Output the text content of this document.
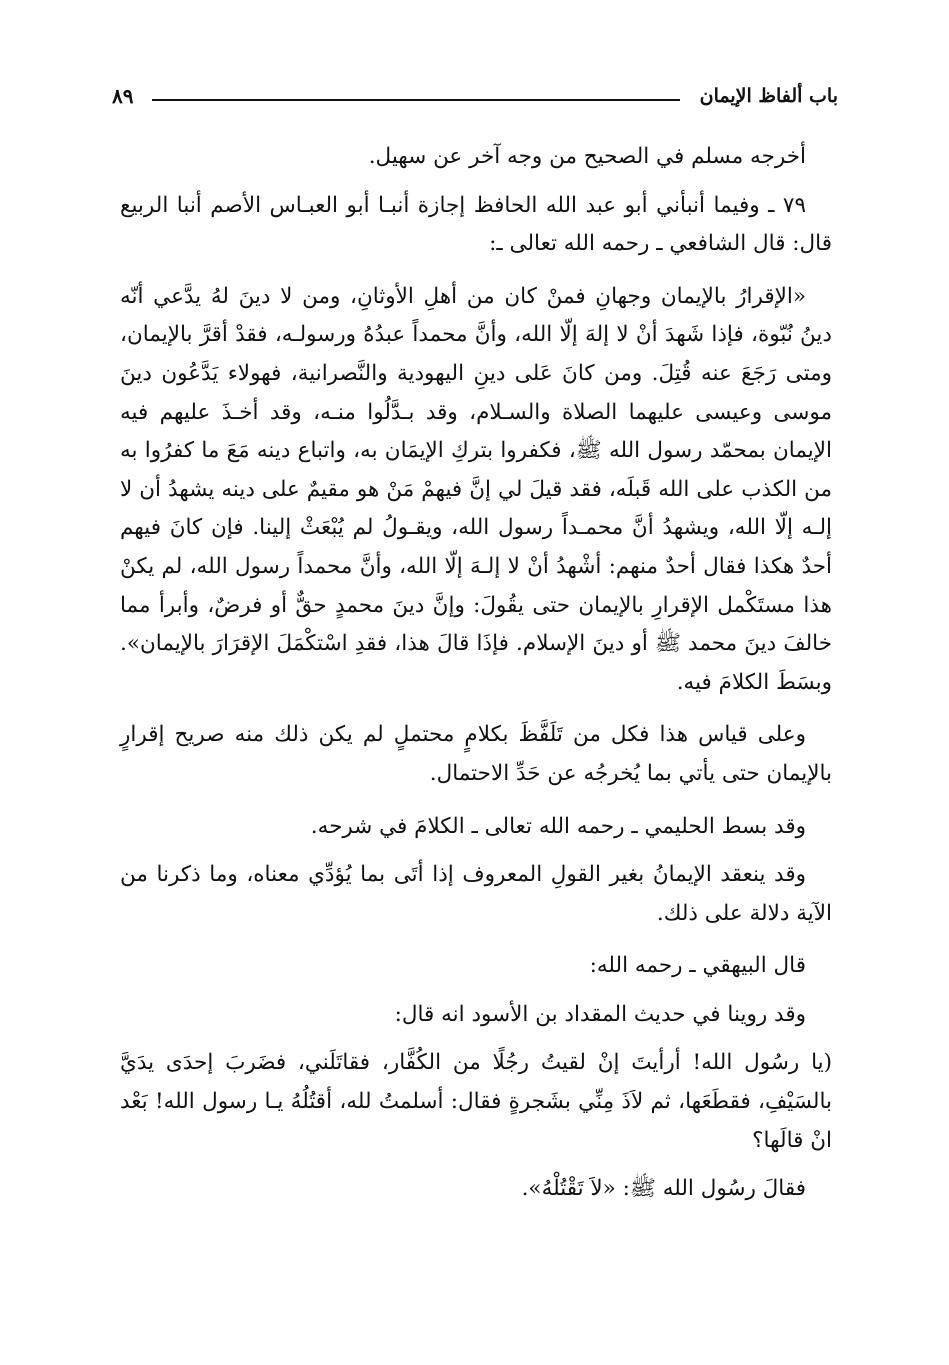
باب ألفاظ الإيمان
٨٩

أخرجه مسلم في الصحيح من وجه آخر عن سهيل.

٧٩ ـ وفيما أنبأني أبو عبد الله الحافظ إجازة أنبـا أبو العبـاس الأصم أنبا الربيع قال: قال الشافعي ـ رحمه الله تعالى ـ:

«الإقرارُ بالإيمان وجهانِ فمنْ كان من أهلِ الأوثانِ، ومن لا دينَ لهُ يدَّعي أنّه دينُ نُبّوة، فإذا شَهدَ أنْ لا إلهَ إلّا الله، وأنَّ محمداً عبدُهُ ورسولـه، فقدْ أقرَّ بالإيمان، ومتى رَجَعَ عنه قُتِلَ. ومن كانَ عَلى دينِ اليهودية والنَّصرانية، فهولاء يَدَّعُون دينَ موسى وعيسى عليهما الصلاة والسـلام، وقد بـدَّلُوا منـه، وقد أخـذَ عليهم فيه الإيمان بمحمّد رسول الله ﷺ، فكفروا بتركِ الإيمَان به، واتباع دينه مَعَ ما كفرُوا به من الكذب على الله قَبلَه، فقد قيلَ لي إنَّ فيهمْ مَنْ هو مقيمٌ على دينه يشهدُ أن لا إلـه إلّا الله، ويشهدُ أنَّ محمـداً رسول الله، ويقـولُ لم يُبْعَثْ إلينا. فإن كانَ فيهم أحدٌ هكذا فقال أحدٌ منهم: أشْهدُ أنْ لا إلـهَ إلّا الله، وأنَّ محمداً رسول الله، لم يكنْ هذا مستَكْمل الإقرارِ بالإيمان حتى يقُولَ: وإنَّ دينَ محمدٍ حقٌّ أو فرضٌ، وأبرأ مما خالفَ دينَ محمد ﷺ أو دينَ الإسلام. فإذَا قالَ هذا، فقدِ اسْتكْمَلَ الإقرَارَ بالإيمان». وبسَطَ الكلامَ فيه.

وعلى قياس هذا فكل من تَلَفَّظَ بكلامٍ محتملٍ لم يكن ذلك منه صريح إقرارٍ بالإيمان حتى يأتي بما يُخرجُه عن حَدِّ الاحتمال.

وقد بسط الحليمي ـ رحمه الله تعالى ـ الكلامَ في شرحه.

وقد ينعقد الإيمانُ بغير القولِ المعروف إذا أتَى بما يُؤدِّي معناه، وما ذكرنا من الآية دلالة على ذلك.

قال البيهقي ـ رحمه الله:

وقد روينا في حديث المقداد بن الأسود انه قال:

(يا رسُول الله! أرأيتَ إنْ لقيتُ رجُلًا من الكُفَّار، فقاتَلَني، فضَربَ إحدَى يدَيَّ بالسَيْفِ، فقطَعَها، ثم لاَذَ مِنِّي بشَجرةٍ فقال: أسلمتُ لله، أقتُلُهُ يـا رسول الله! بَعْد انْ قالَها؟

فقالَ رسُول الله ﷺ: «لاَ تَقْتُلْهُ».
